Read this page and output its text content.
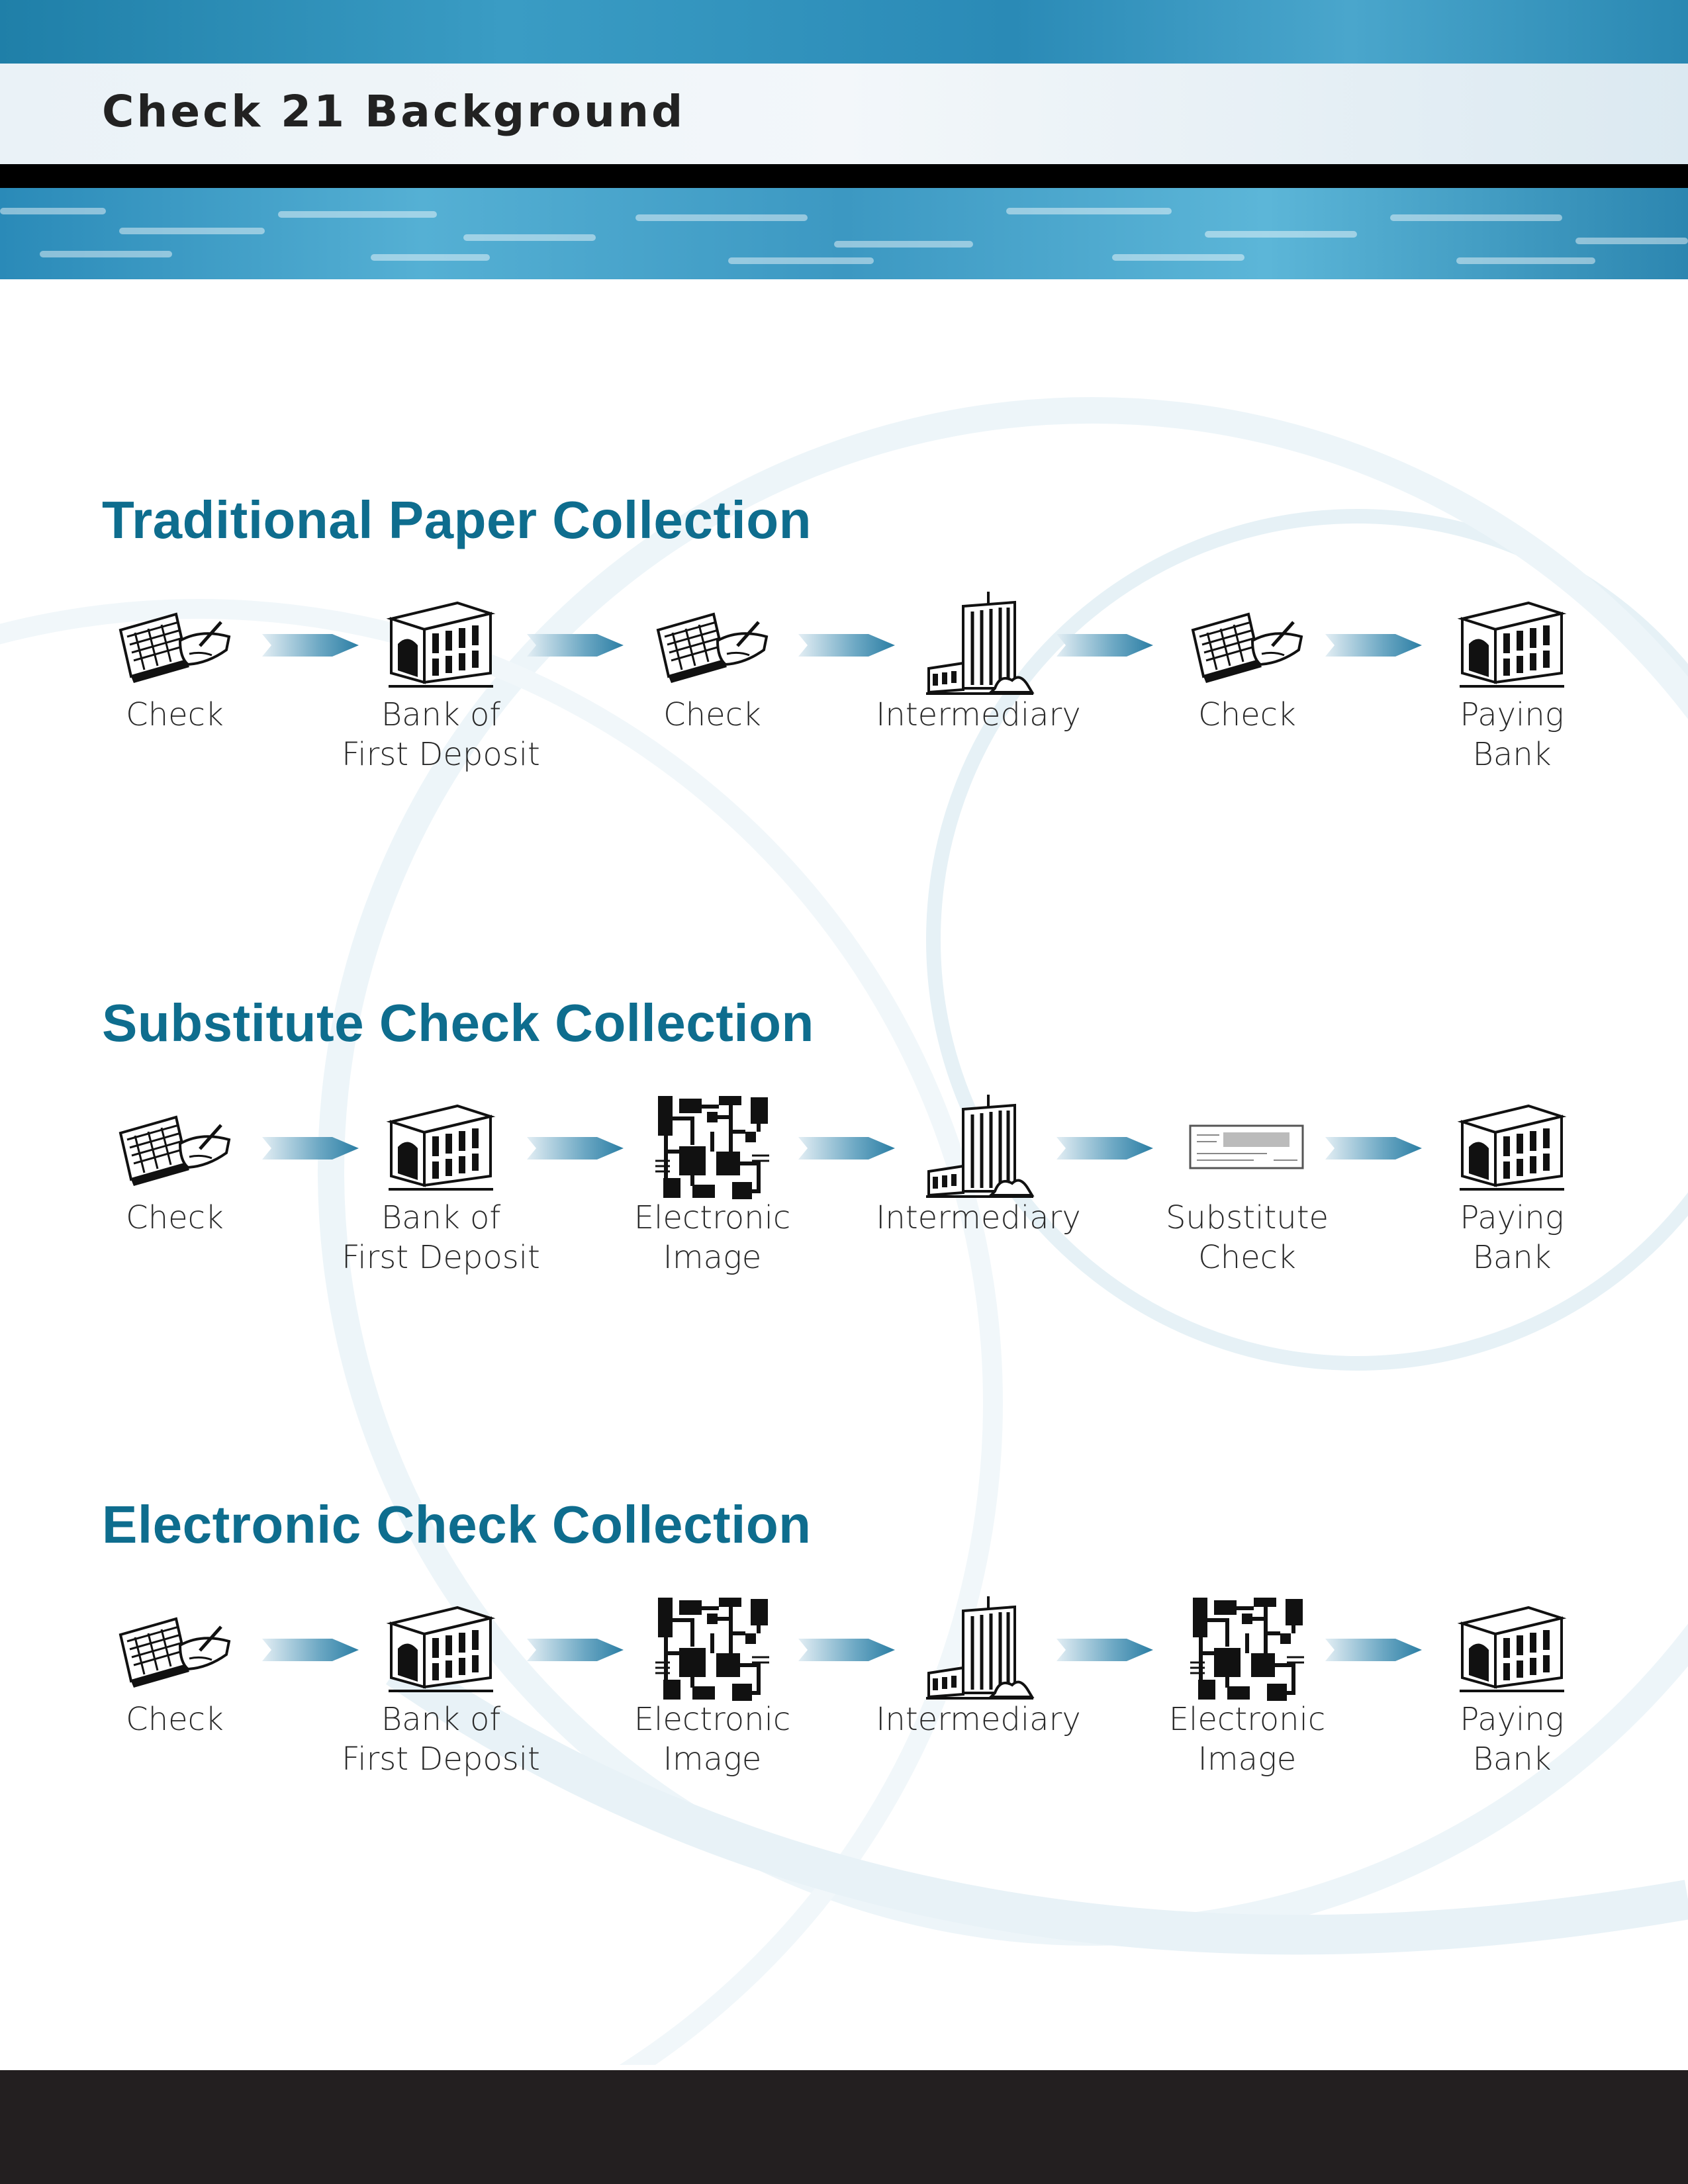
Check 21 Background
Traditional Paper Collection
Check	Bank of
First Deposit
Check	Intermediary	Check	Paying
Bank
Substitute Check Collection
Check	Bank of
First Deposit
Electronic
Image
Intermediary	Substitute
Check
Paying
Bank
Electronic Check Collection
Check	Bank of
First Deposit
Electronic
Image
Intermediary	Electronic
Image
Paying
Bank
